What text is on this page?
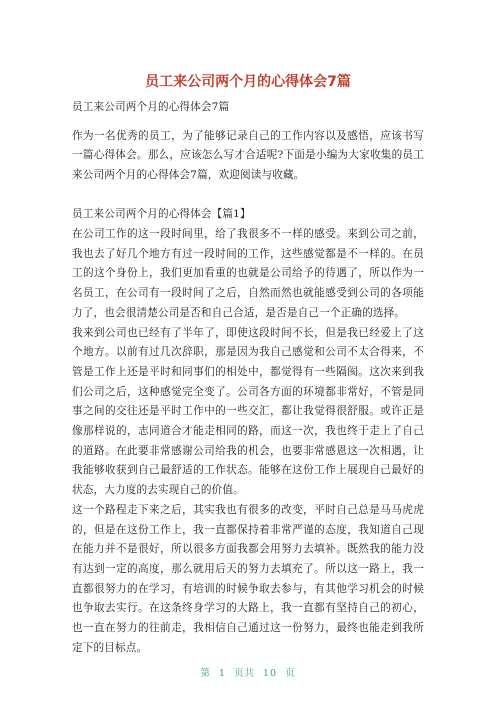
员工来公司两个月的心得体会7篇

员工来公司两个月的心得体会7篇

作为一名优秀的员工，为了能够记录自己的工作内容以及感悟，应该书写一篇心得体会。那么，应该怎么写才合适呢?下面是小编为大家收集的员工来公司两个月的心得体会7篇，欢迎阅读与收藏。

员工来公司两个月的心得体会【篇1】

在公司工作的这一段时间里，给了我很多不一样的感受。来到公司之前，我也去了好几个地方有过一段时间的工作，这些感觉都是不一样的。在员工的这个身份上，我们更加看重的也就是公司给予的待遇了，所以作为一名员工，在公司有一段时间了之后，自然而然也就能感受到公司的各项能力了，也会很清楚公司是否和自己合适，是否是自己一个正确的选择。

我来到公司也已经有了半年了，即使这段时间不长，但是我已经爱上了这个地方。以前有过几次辞职，那是因为我自己感觉和公司不太合得来，不管是工作上还是平时和同事们的相处中，都觉得有一些隔阂。这次来到我们公司之后，这种感觉完全变了。公司各方面的环境都非常好，不管是同事之间的交往还是平时工作中的一些交汇，都让我觉得很舒服。或许正是像那样说的，志同道合才能走相同的路，而这一次，我也终于走上了自己的道路。在此要非常感谢公司给我的机会，也要非常感恩这一次相遇，让我能够收获到自己最舒适的工作状态。能够在这份工作上展现自己最好的状态，大力度的去实现自己的价值。

这一个路程走下来之后，其实我也有很多的改变，平时自己总是马马虎虎的，但是在这份工作上，我一直都保持着非常严谨的态度，我知道自己现在能力并不是很好，所以很多方面我都会用努力去填补。既然我的能力没有达到一定的高度，那么就用后天的努力去填充了。所以这一路上，我一直都很努力的在学习，有培训的时候争取去参与，有其他学习机会的时候也争取去实行。在这条终身学习的大路上，我一直都有坚持自己的初心，也一直在努力的往前走，我相信自己通过这一份努力，最终也能走到我所定下的目标点。

第 1 页共 10 页
